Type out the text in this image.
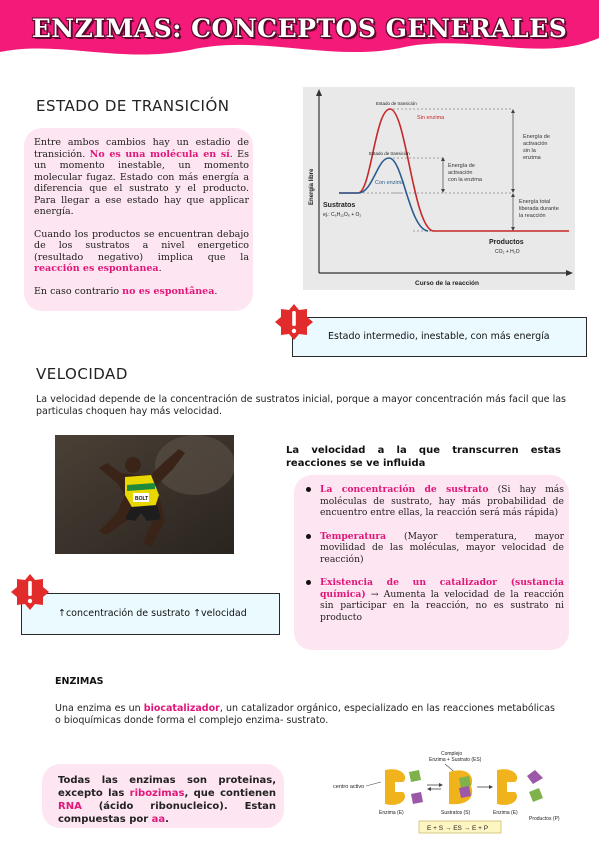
ENZIMAS: CONCEPTOS GENERALES
ESTADO DE TRANSICIÓN

Entre ambos cambios hay un estadio de transición. No es una molécula en sí. Es un momento inestable, un momento molecular fugaz. Estado con más energía a diferencia que el sustrato y el producto. Para llegar a ese estado hay que applicar energía.

Cuando los productos se encuentran debajo de los sustratos a nivel energetico (resultado negativo) implica que la reacción es espontanea.

En caso contrario no es espontânea.

Energía libre
Curso de la reacción
Estado de transición
Estado de transición
Sin enzima
Con enzima
Sustratos
ej.: C₆H₁₂O₆ + O₂
Productos
CO₂ + H₂O
Energía de
activación
con la enzima
Energía de
activación
sin la
enzima
Energía total
liberada durante
la reacción
Estado intermedio, inestable, con más energía
VELOCIDAD
La velocidad depende de la concentración de sustratos inicial, porque a mayor concentración más facil que las particulas choquen hay más velocidad.
BOLT
La velocidad a la que transcurren estas reacciones se ve influida
La concentración de sustrato (Si hay más moléculas de sustrato, hay más probabilidad de encuentro entre ellas, la reacción será más rápida)
Temperatura (Mayor temperatura, mayor movilidad de las moléculas, mayor velocidad de reacción)
Existencia de un catalizador (sustancia química) → Aumenta la velocidad de la reacción sin participar en la reacción, no es sustrato ni producto
↑concentración de sustrato ↑velocidad
ENZIMAS
Una enzima es un biocatalizador, un catalizador orgánico, especializado en las reacciones metabólicas o bioquímicas donde forma el complejo enzima- sustrato.
Todas las enzimas son proteinas, excepto las ribozimas, que contienen RNA (ácido ribonucleico). Estan compuestas por aa.
Complejo
Enzima + Sustrato (ES)
centro activo
Enzima (E)	Sustratos (S)	Enzima (E)
Productos (P)
E + S → ES → E + P
